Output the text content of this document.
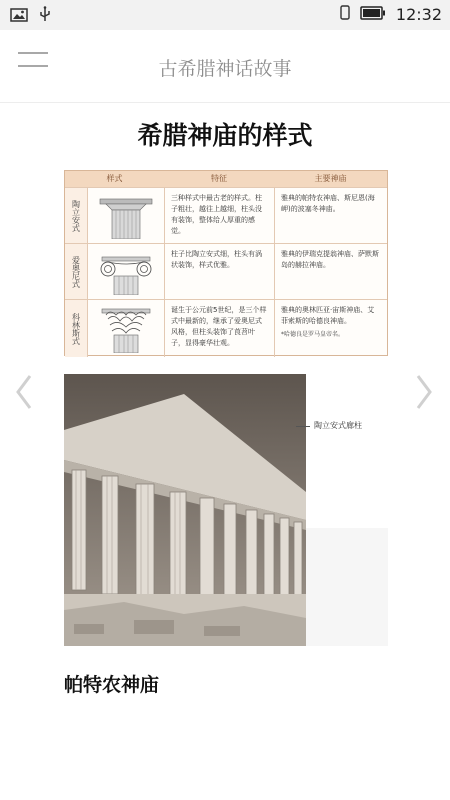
12:32
古希腊神话故事
希腊神庙的样式
样式	特征	主要神庙
陶立安式
三种样式中最古老的样式。柱子粗壮，越往上越细，柱头没有装饰，整体给人厚重的感觉。
雅典的帕特农神庙、斯尼恩(海岬)的波塞冬神庙。
爱奥尼式
柱子比陶立安式细，柱头有涡状装饰，样式优雅。
雅典的伊瑞克提翁神庙、萨默斯岛的赫拉神庙。
科林斯式
诞生于公元前5世纪，是三个样式中最新的，继承了爱奥尼式风格，但柱头装饰了莨苕叶子，显得豪华壮观。
雅典的奥林匹亚·宙斯神庙、艾菲索斯的哈德良神庙。
*哈德良是罗马皇帝名。
陶立安式廊柱
帕特农神庙
